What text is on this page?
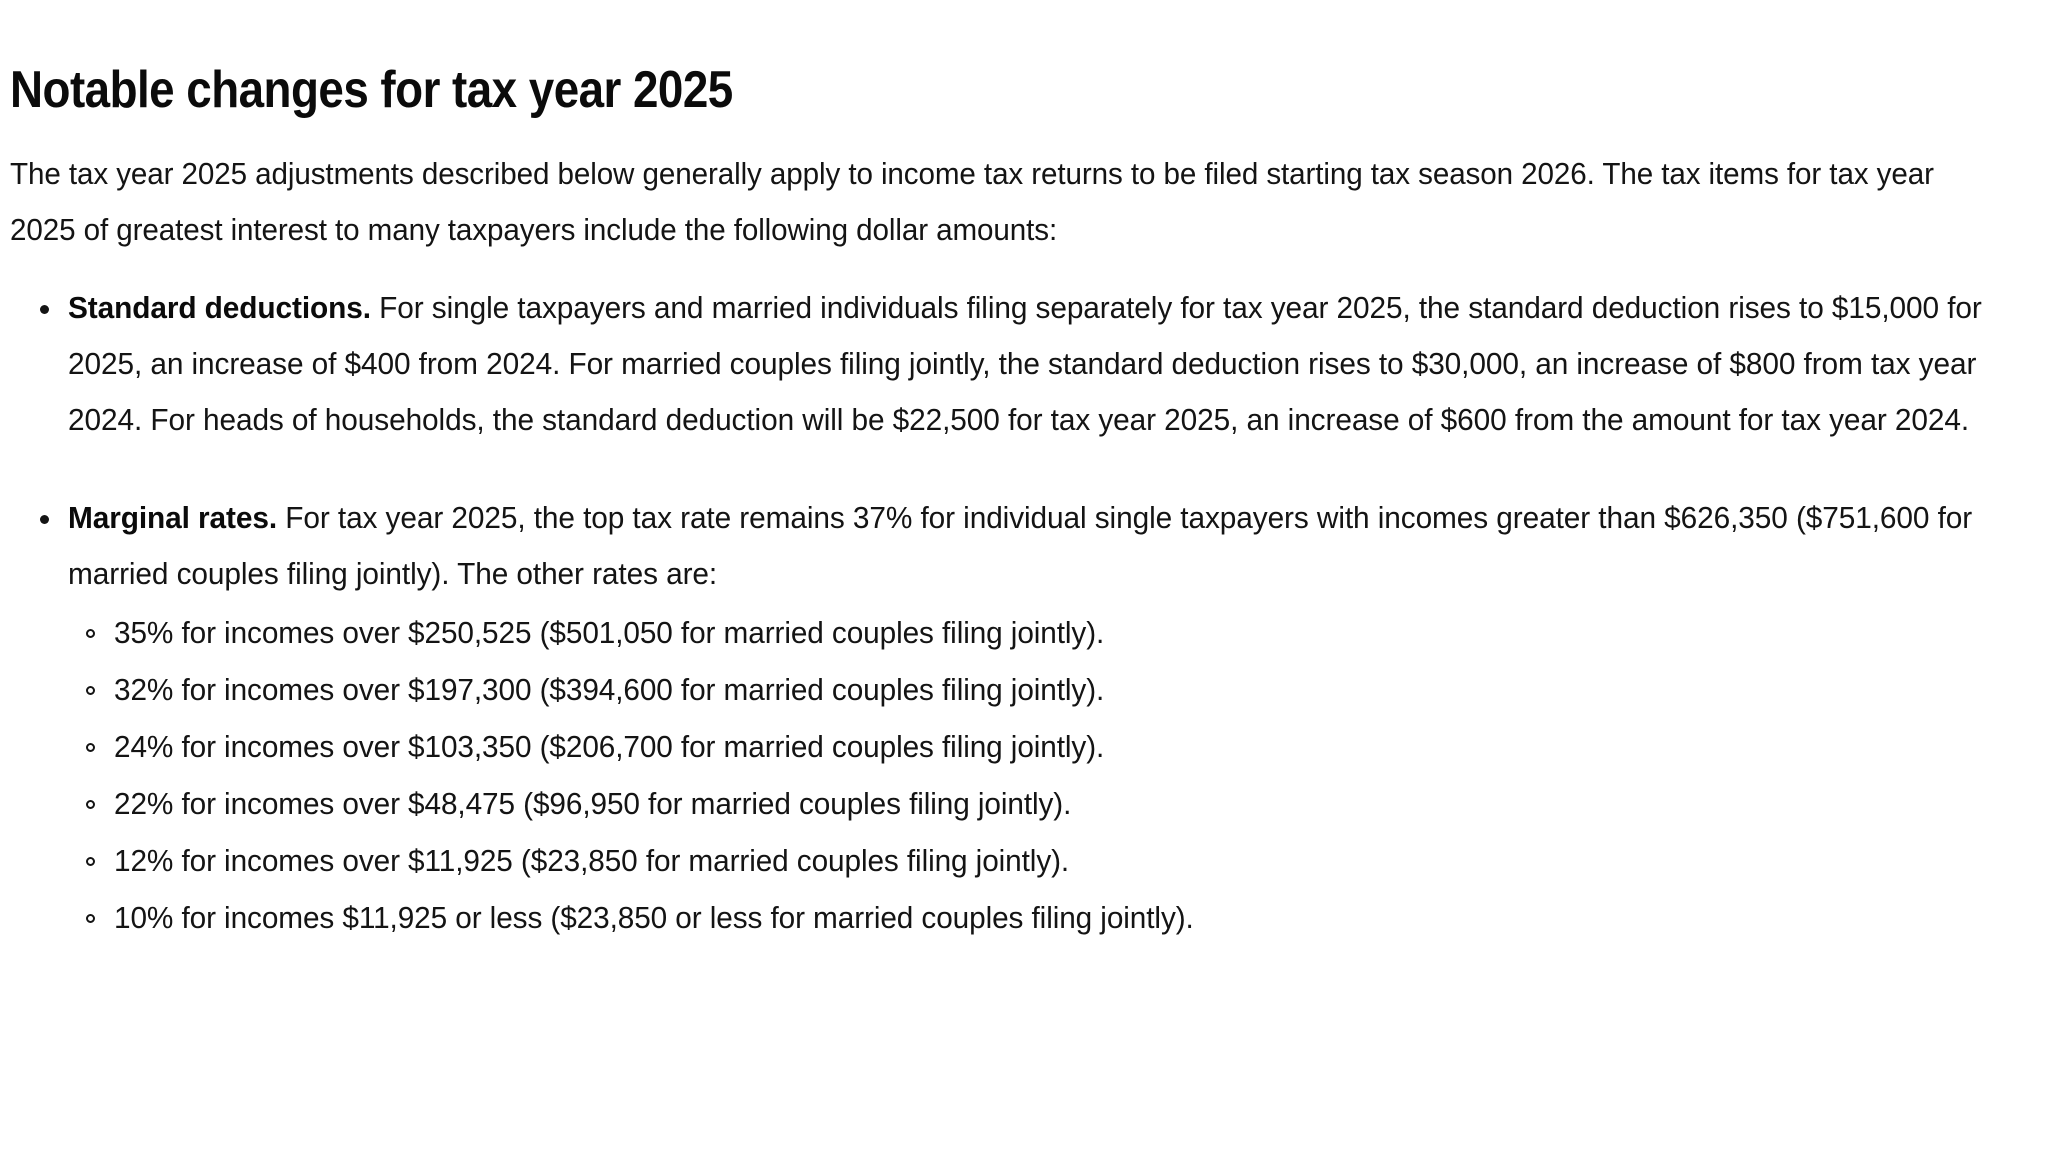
Notable changes for tax year 2025

The tax year 2025 adjustments described below generally apply to income tax returns to be filed starting tax season 2026. The tax items for tax year 2025 of greatest interest to many taxpayers include the following dollar amounts:

Standard deductions. For single taxpayers and married individuals filing separately for tax year 2025, the standard deduction rises to $15,000 for 2025, an increase of $400 from 2024. For married couples filing jointly, the standard deduction rises to $30,000, an increase of $800 from tax year 2024. For heads of households, the standard deduction will be $22,500 for tax year 2025, an increase of $600 from the amount for tax year 2024.
Marginal rates. For tax year 2025, the top tax rate remains 37% for individual single taxpayers with incomes greater than $626,350 ($751,600 for married couples filing jointly). The other rates are:
35% for incomes over $250,525 ($501,050 for married couples filing jointly).
32% for incomes over $197,300 ($394,600 for married couples filing jointly).
24% for incomes over $103,350 ($206,700 for married couples filing jointly).
22% for incomes over $48,475 ($96,950 for married couples filing jointly).
12% for incomes over $11,925 ($23,850 for married couples filing jointly).
10% for incomes $11,925 or less ($23,850 or less for married couples filing jointly).
